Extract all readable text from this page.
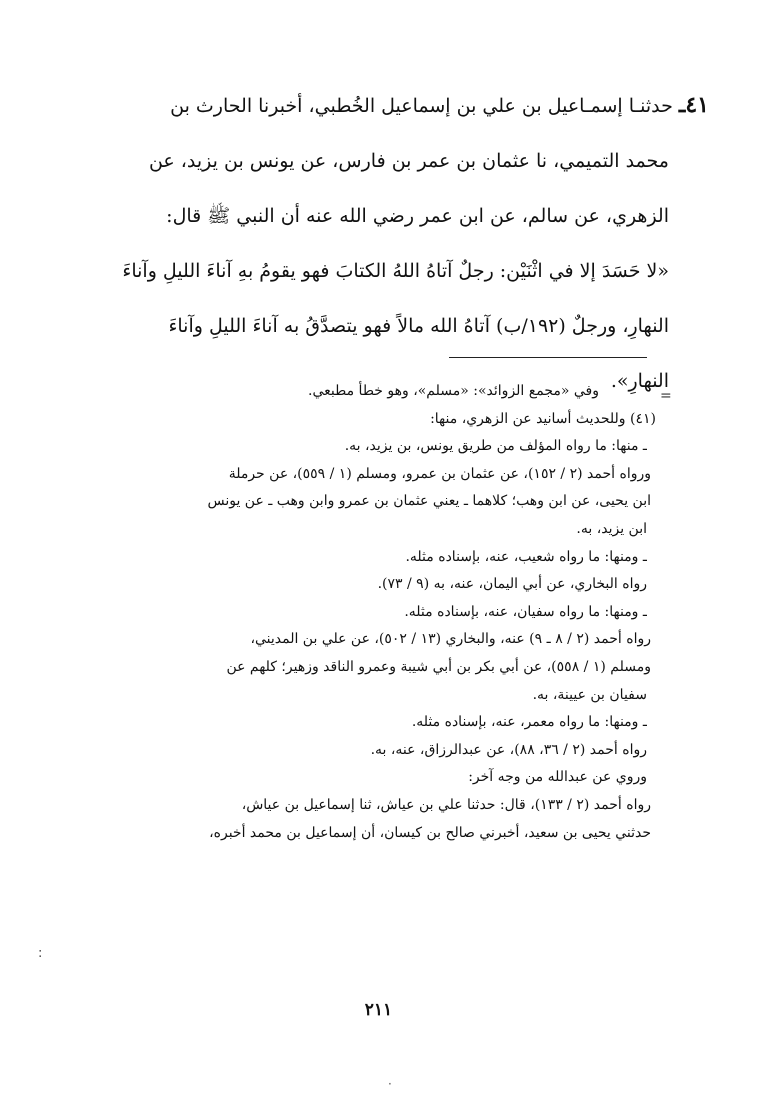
٤١ـ حدثنـا إسمـاعيل بن علي بن إسماعيل الخُطبي، أخبرنا الحارث بن
محمد التميمي، نا عثمان بن عمر بن فارس، عن يونس بن يزيد، عن
الزهري، عن سالم، عن ابن عمر رضي الله عنه أن النبي ﷺ قال:
«لا حَسَدَ إلا في اثْنَيْن: رجلٌ آتاهُ اللهُ الكتابَ فهو يقومُ بهِ آناءَ الليلِ وآناءَ
النهارِ، ورجلٌ (١٩٢/ب) آتاهُ الله مالاً فهو يتصدَّقُ به آناءَ الليلِ وآناءَ
النهارِ».
=
وفي «مجمع الزوائد»: «مسلم»، وهو خطأ مطبعي.
(٤١) وللحديث أسانيد عن الزهري، منها:
ـ منها: ما رواه المؤلف من طريق يونس، بن يزيد، به.
ورواه أحمد (٢ / ١٥٢)، عن عثمان بن عمرو، ومسلم (١ / ٥٥٩)، عن حرملة
ابن يحيى، عن ابن وهب؛ كلاهما ـ يعني عثمان بن عمرو وابن وهب ـ عن يونس
ابن يزيد، به.
ـ ومنها: ما رواه شعيب، عنه، بإسناده مثله.
رواه البخاري، عن أبي اليمان، عنه، به (٩ / ٧٣).
ـ ومنها: ما رواه سفيان، عنه، بإسناده مثله.
رواه أحمد (٢ / ٨ ـ ٩) عنه، والبخاري (١٣ / ٥٠٢)، عن علي بن المديني،
ومسلم (١ / ٥٥٨)، عن أبي بكر بن أبي شيبة وعمرو الناقد وزهير؛ كلهم عن
سفيان بن عيينة، به.
ـ ومنها: ما رواه معمر، عنه، بإسناده مثله.
رواه أحمد (٢ / ٣٦، ٨٨)، عن عبدالرزاق، عنه، به.
وروي عن عبدالله من وجه آخر:
رواه أحمد (٢ / ١٣٣)، قال: حدثنا علي بن عياش، ثنا إسماعيل بن عياش،
حدثني يحيى بن سعيد، أخبرني صالح بن كيسان، أن إسماعيل بن محمد أخبره،
:
٢١١
·
